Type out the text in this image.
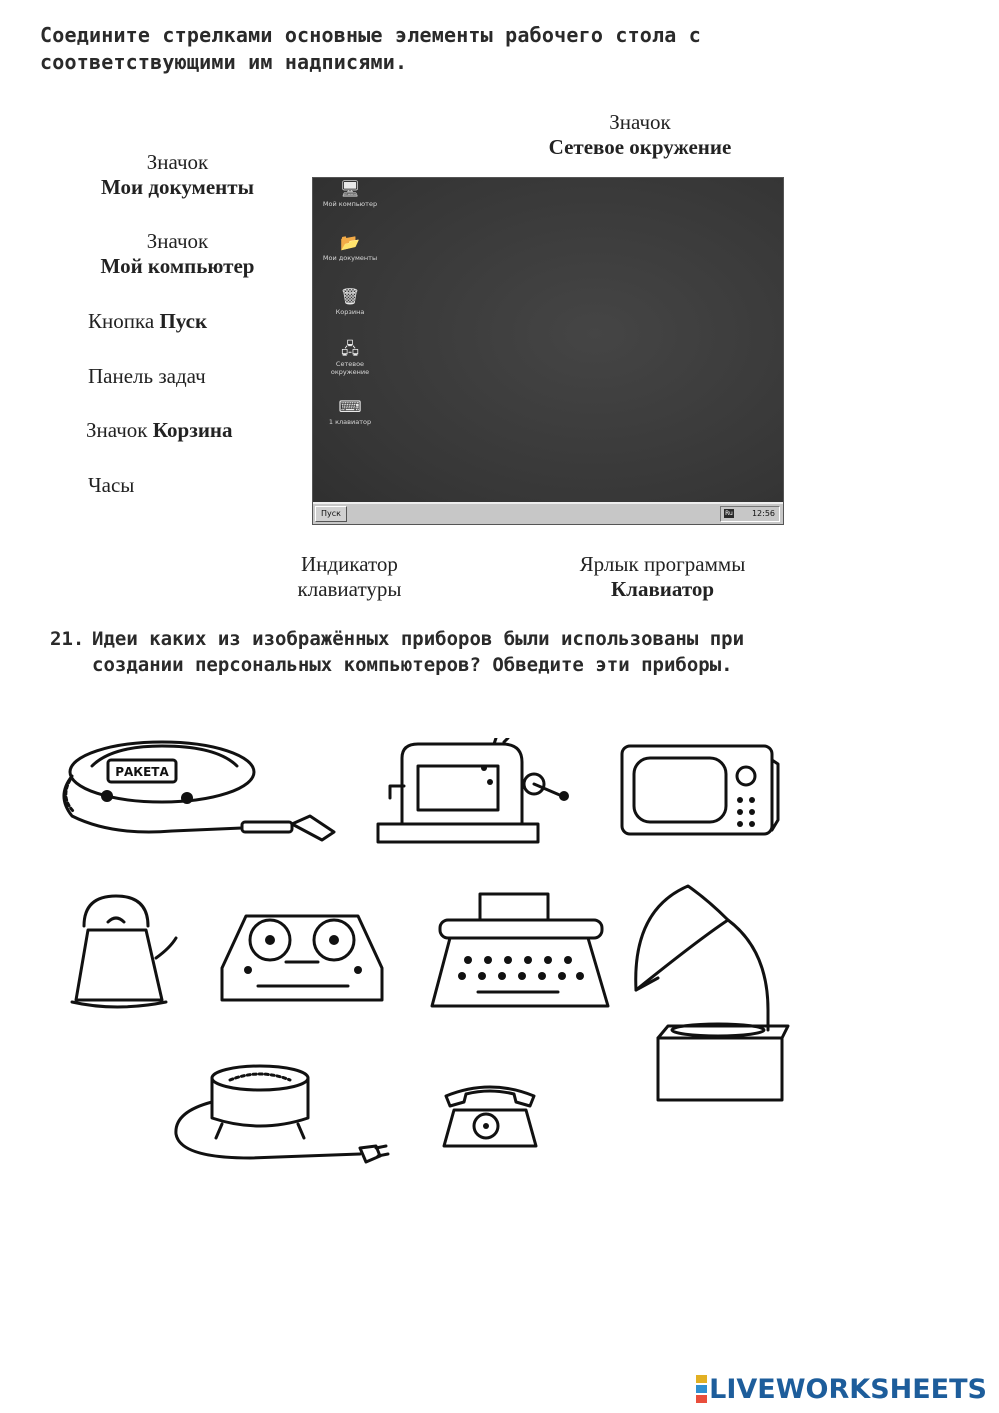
Соедините стрелками основные элементы рабочего стола с соответствующими им надписями.
Значок
Сетевое окружение
Значок
Мои документы
Значок
Мой компьютер
Кнопка Пуск
Панель задач
Значок Корзина
Часы
Индикатор
клавиатуры
Ярлык программы
Клавиатор
🖥
Мой компьютер
📂
Мои документы
🗑
Корзина
🖧
Сетевое окружение
⌨
1 клавиатор
Пуск	Ru 12:56
21. Идеи каких из изображённых приборов были использованы при создании персональных компьютеров? Обведите эти приборы.
РАКЕТА
LIVEWORKSHEETS
